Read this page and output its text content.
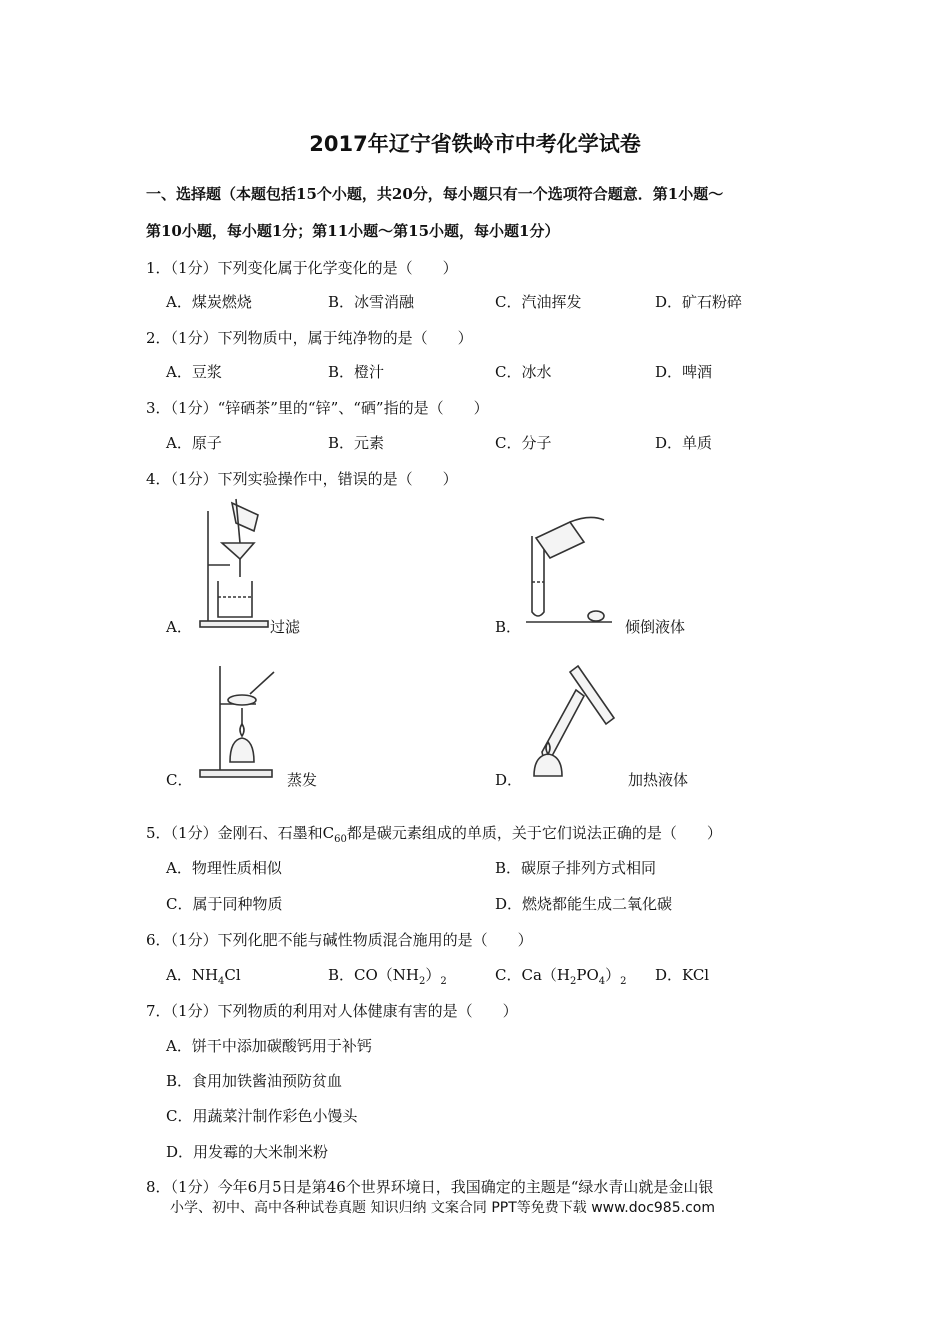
2017年辽宁省铁岭市中考化学试卷
一、选择题（本题包括15个小题，共20分，每小题只有一个选项符合题意．第1小题～
第10小题，每小题1分；第11小题～第15小题，每小题1分）
1．（1分）下列变化属于化学变化的是（　　）
A．煤炭燃烧	B．冰雪消融	C．汽油挥发	D．矿石粉碎
2．（1分）下列物质中，属于纯净物的是（　　）
A．豆浆	B．橙汁	C．冰水	D．啤酒
3．（1分）“锌硒茶”里的“锌”、“硒”指的是（　　）
A．原子	B．元素	C．分子	D．单质
4．（1分）下列实验操作中，错误的是（　　）
A．	过滤	B．	倾倒液体
C．	蒸发	D．	加热液体
5．（1分）金刚石、石墨和$C_{60}$都是碳元素组成的单质，关于它们说法正确的是（　　）
A．物理性质相似	B．碳原子排列方式相同
C．属于同种物质	D．燃烧都能生成二氧化碳
6．（1分）下列化肥不能与碱性物质混合施用的是（　　）
A．$NH_4Cl$	B．$CO(NH_2)_2$	C．$Ca(H_2PO_4)_2$ D．KCl
7．（1分）下列物质的利用对人体健康有害的是（　　）
A．饼干中添加碳酸钙用于补钙
B．食用加铁酱油预防贫血
C．用蔬菜汁制作彩色小馒头
D．用发霉的大米制米粉
8．（1分）今年6月5日是第46个世界环境日，我国确定的主题是“绿水青山就是金山银
小学、初中、高中各种试卷真题 知识归纳 文案合同 PPT等免费下载 www.doc985.com
